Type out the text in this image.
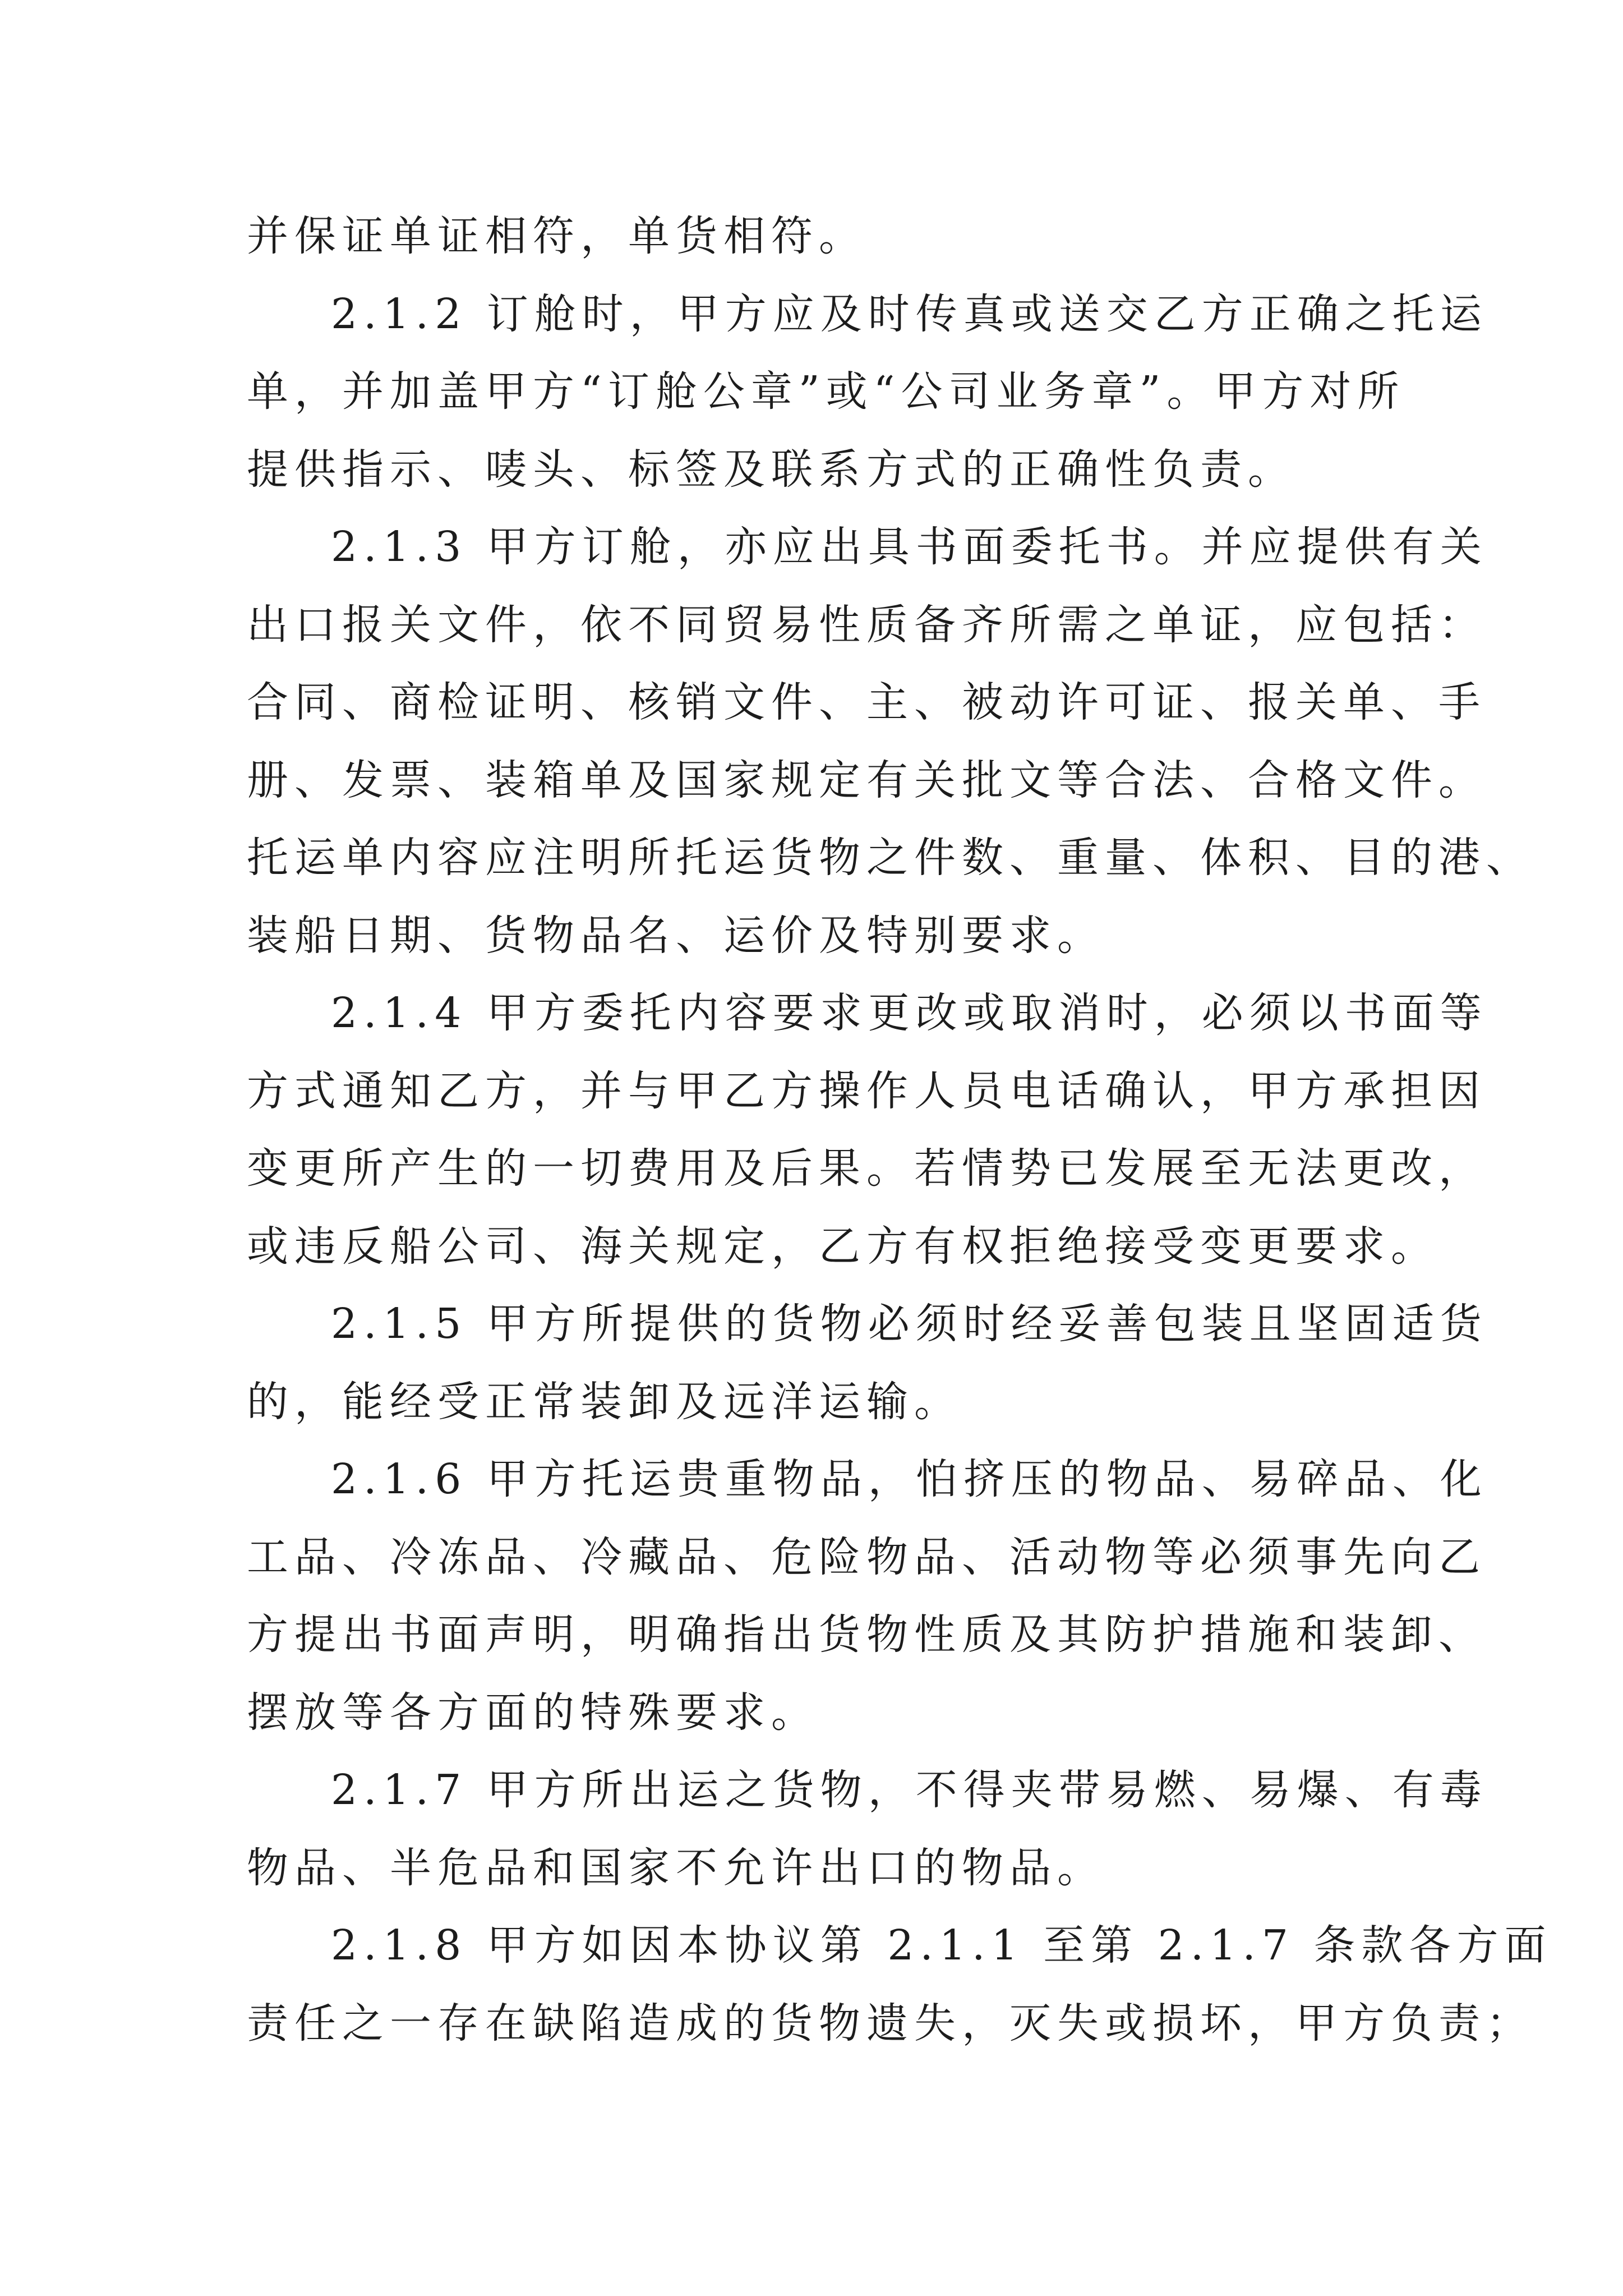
并保证单证相符，单货相符。
2.1.2 订舱时，甲方应及时传真或送交乙方正确之托运
单，并加盖甲方“订舱公章”或“公司业务章”。甲方对所
提供指示、唛头、标签及联系方式的正确性负责。
2.1.3 甲方订舱，亦应出具书面委托书。并应提供有关
出口报关文件，依不同贸易性质备齐所需之单证，应包括：
合同、商检证明、核销文件、主、被动许可证、报关单、手
册、发票、装箱单及国家规定有关批文等合法、合格文件。
托运单内容应注明所托运货物之件数、重量、体积、目的港、
装船日期、货物品名、运价及特别要求。
2.1.4 甲方委托内容要求更改或取消时，必须以书面等
方式通知乙方，并与甲乙方操作人员电话确认，甲方承担因
变更所产生的一切费用及后果。若情势已发展至无法更改，
或违反船公司、海关规定，乙方有权拒绝接受变更要求。
2.1.5 甲方所提供的货物必须时经妥善包装且坚固适货
的，能经受正常装卸及远洋运输。
2.1.6 甲方托运贵重物品，怕挤压的物品、易碎品、化
工品、冷冻品、冷藏品、危险物品、活动物等必须事先向乙
方提出书面声明，明确指出货物性质及其防护措施和装卸、
摆放等各方面的特殊要求。
2.1.7 甲方所出运之货物，不得夹带易燃、易爆、有毒
物品、半危品和国家不允许出口的物品。
2.1.8 甲方如因本协议第 2.1.1 至第 2.1.7 条款各方面
责任之一存在缺陷造成的货物遗失，灭失或损坏，甲方负责；
